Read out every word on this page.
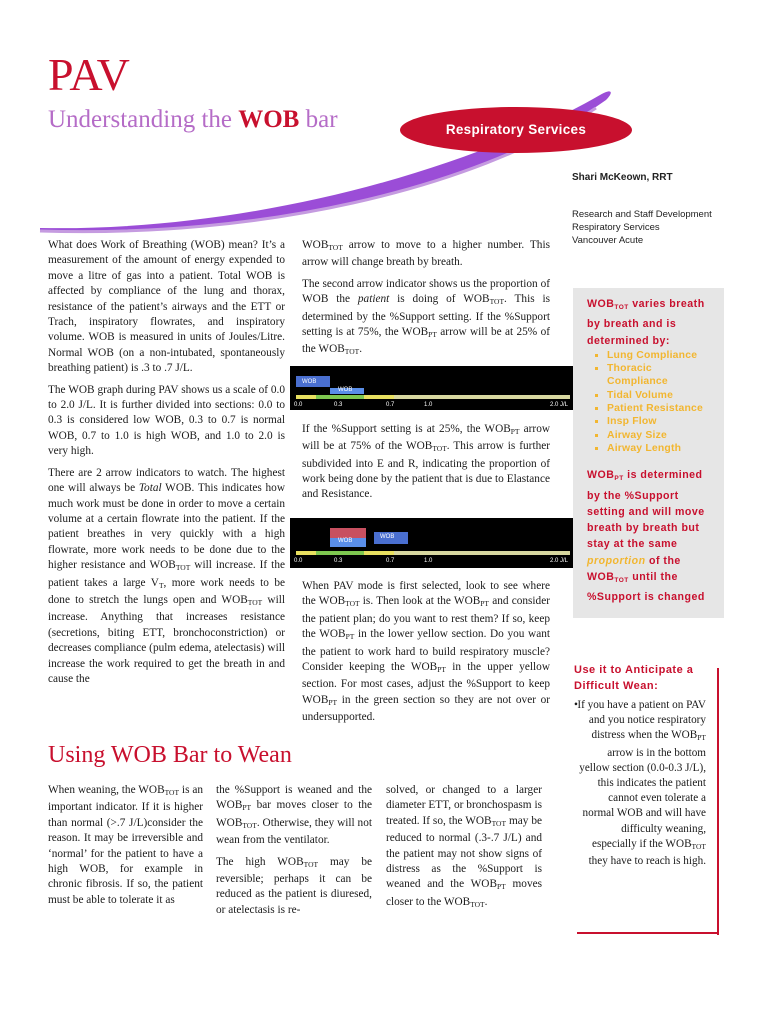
PAV
Understanding the WOB bar	Respiratory Services
Shari McKeown, RRT
Research and Staff Development
Respiratory Services
Vancouver Acute

What does Work of Breathing (WOB) mean? It’s a measurement of the amount of energy expended to move a litre of gas into a patient. Total WOB is affected by compliance of the lung and thorax, resistance of the patient’s airways and the ETT or Trach, inspiratory flowrates, and inspiratory volume. WOB is measured in units of Joules/Litre. Normal WOB (on a non-intubated, spontaneously breathing patient) is .3 to .7 J/L.

The WOB graph during PAV shows us a scale of 0.0 to 2.0 J/L. It is further divided into sections: 0.0 to 0.3 is considered low WOB, 0.3 to 0.7 is normal WOB, 0.7 to 1.0 is high WOB, and 1.0 to 2.0 is very high.

There are 2 arrow indicators to watch. The highest one will always be Total WOB. This indicates how much work must be done in order to move a certain volume at a certain flowrate into the patient. If the patient breathes in very quickly with a high flowrate, more work needs to be done due to the higher resistance and $WOB_{TOT}$ will increase. If the patient takes a large $V_T$, more work needs to be done to stretch the lungs open and $WOB_{TOT}$ will increase. Anything that increases resistance (secretions, biting ETT, bronchoconstriction) or decreases compliance (pulm edema, atelectasis) will increase the work required to get the breath in and cause the

$WOB_{TOT}$ arrow to move to a higher number. This arrow will change breath by breath.

The second arrow indicator shows us the proportion of WOB the patient is doing of $WOB_{TOT}$. This is determined by the %Support setting. If the %Support setting is at 75%, the $WOB_{PT}$ arrow will be at 25% of the $WOB_{TOT}$.

If the %Support setting is at 25%, the $WOB_{PT}$ arrow will be at 75% of the $WOB_{TOT}$. This arrow is further subdivided into E and R, indicating the proportion of work being done by the patient that is due to Elastance and Resistance.

When PAV mode is first selected, look to see where the $WOB_{TOT}$ is. Then look at the $WOB_{PT}$ and consider the patient plan; do you want to rest them? If so, keep the $WOB_{PT}$ in the lower yellow section. Do you want the patient to work hard to build respiratory muscle? Consider keeping the $WOB_{PT}$ in the upper yellow section. For most cases, adjust the %Support to keep $WOB_{PT}$ in the green section so they are not over or undersupported.

WOB
WOB
0.0	0.3	0.7	1.0	2.0 J/L
WOB
WOB
0.0	0.3	0.7	1.0	2.0 J/L
$WOB_{TOT}$ varies breath by breath and is determined by:
▪ Lung Compliance
▪ Thoracic Compliance
▪ Tidal Volume
▪ Patient Resistance
▪ Insp Flow
▪ Airway Size
▪ Airway Length
$WOB_{PT}$ is determined by the %Support setting and will move breath by breath but stay at the same proportion of the $WOB_{TOT}$ until the %Support is changed
Using WOB Bar to Wean

When weaning, the $WOB_{TOT}$ is an important indicator. If it is higher than normal (>.7 J/L)consider the reason. It may be irreversible and ‘normal’ for the patient to have a high WOB, for example in chronic fibrosis. If so, the patient must be able to tolerate it as

the %Support is weaned and the $WOB_{PT}$ bar moves closer to the $WOB_{TOT}$. Otherwise, they will not wean from the ventilator.

The high $WOB_{TOT}$ may be reversible; perhaps it can be reduced as the patient is diuresed, or atelectasis is re-

solved, or changed to a larger diameter ETT, or bronchospasm is treated. If so, the $WOB_{TOT}$ may be reduced to normal (.3-.7 J/L) and the patient may not show signs of distress as the %Support is weaned and the $WOB_{PT}$ moves closer to the $WOB_{TOT}$.

Use it to Anticipate a Difficult Wean:
• If you have a patient on PAV and you notice respiratory distress when the $WOB_{PT}$ arrow is in the bottom yellow section (0.0-0.3 J/L), this indicates the patient cannot even tolerate a normal WOB and will have difficulty weaning, especially if the $WOB_{TOT}$ they have to reach is high.
